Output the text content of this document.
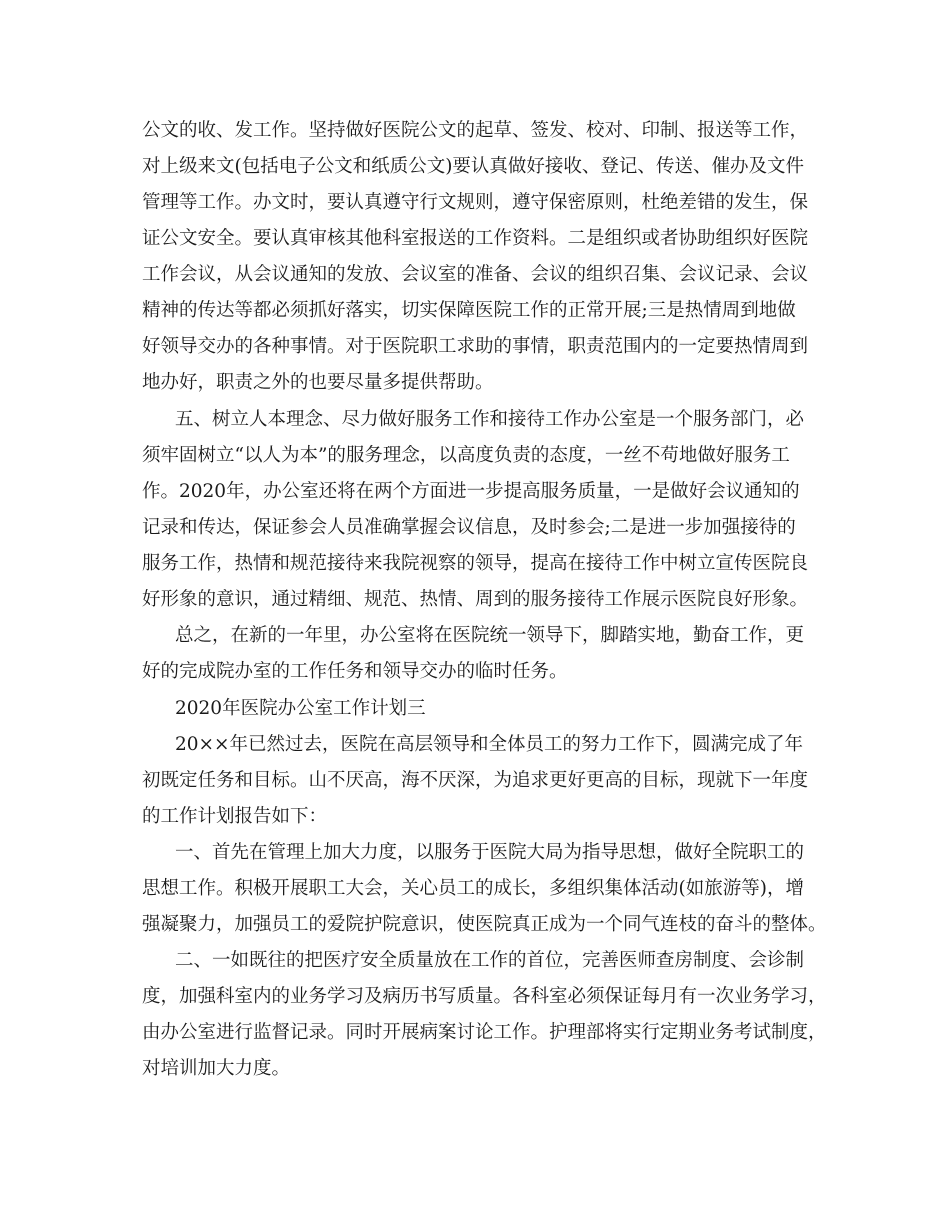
公文的收、发工作。坚持做好医院公文的起草、签发、校对、印制、报送等工作，
对上级来文(包括电子公文和纸质公文)要认真做好接收、登记、传送、催办及文件
管理等工作。办文时，要认真遵守行文规则，遵守保密原则，杜绝差错的发生，保
证公文安全。要认真审核其他科室报送的工作资料。二是组织或者协助组织好医院
工作会议，从会议通知的发放、会议室的准备、会议的组织召集、会议记录、会议
精神的传达等都必须抓好落实，切实保障医院工作的正常开展;三是热情周到地做
好领导交办的各种事情。对于医院职工求助的事情，职责范围内的一定要热情周到
地办好，职责之外的也要尽量多提供帮助。
五、树立人本理念、尽力做好服务工作和接待工作办公室是一个服务部门，必
须牢固树立“以人为本”的服务理念，以高度负责的态度，一丝不苟地做好服务工
作。2020年，办公室还将在两个方面进一步提高服务质量，一是做好会议通知的
记录和传达，保证参会人员准确掌握会议信息，及时参会;二是进一步加强接待的
服务工作，热情和规范接待来我院视察的领导，提高在接待工作中树立宣传医院良
好形象的意识，通过精细、规范、热情、周到的服务接待工作展示医院良好形象。
总之，在新的一年里，办公室将在医院统一领导下，脚踏实地，勤奋工作，更
好的完成院办室的工作任务和领导交办的临时任务。
2020年医院办公室工作计划三
20××年已然过去，医院在高层领导和全体员工的努力工作下，圆满完成了年
初既定任务和目标。山不厌高，海不厌深，为追求更好更高的目标，现就下一年度
的工作计划报告如下：
一、首先在管理上加大力度，以服务于医院大局为指导思想，做好全院职工的
思想工作。积极开展职工大会，关心员工的成长，多组织集体活动(如旅游等)，增
强凝聚力，加强员工的爱院护院意识，使医院真正成为一个同气连枝的奋斗的整体。
二、一如既往的把医疗安全质量放在工作的首位，完善医师查房制度、会诊制
度，加强科室内的业务学习及病历书写质量。各科室必须保证每月有一次业务学习，
由办公室进行监督记录。同时开展病案讨论工作。护理部将实行定期业务考试制度，
对培训加大力度。
